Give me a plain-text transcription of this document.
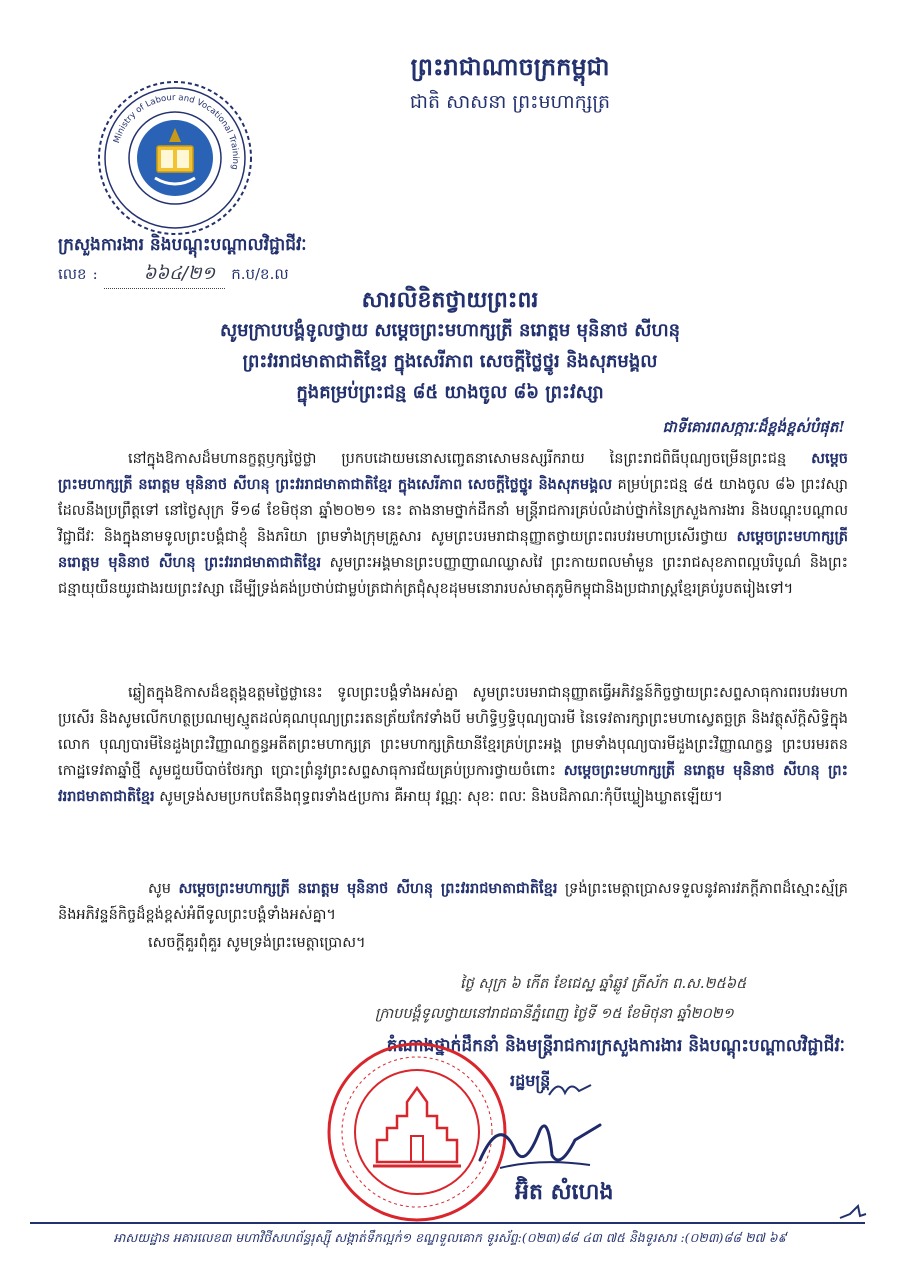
ព្រះរាជាណាចក្រកម្ពុជា
ជាតិ សាសនា ព្រះមហាក្សត្រ
Ministry of Labour and Vocational Training
ក្រសួងការងារ និងបណ្តុះបណ្តាលវិជ្ជាជីវៈ
លេខ :	៦៦៤/២១	ក.ប/ខ.ល
សារលិខិតថ្វាយព្រះពរ
សូមក្រាបបង្គំទូលថ្វាយ សម្តេចព្រះមហាក្សត្រី នរោត្តម មុនិនាថ សីហនុ
ព្រះវររាជមាតាជាតិខ្មែរ ក្នុងសេរីភាព សេចក្តីថ្លៃថ្នូរ និងសុភមង្គល
ក្នុងគម្រប់ព្រះជន្ម ៨៥ យាងចូល ៨៦ ព្រះវស្សា
ជាទីគោរពសក្ការៈដ៏ខ្ពង់ខ្ពស់បំផុត!
នៅក្នុងឱកាសដ៏មហានក្ខត្តឫក្សថ្លៃថ្លា ប្រកបដោយមនោសញ្ចេតនាសោមនស្សរីករាយ នៃព្រះរាជពិធីបុណ្យចម្រើនព្រះជន្ម សម្តេចព្រះមហាក្សត្រី នរោត្តម មុនិនាថ សីហនុ ព្រះវររាជមាតាជាតិខ្មែរ ក្នុងសេរីភាព សេចក្តីថ្លៃថ្នូរ និងសុភមង្គល គម្រប់ព្រះជន្ម ៨៥ យាងចូល ៨៦ ព្រះវស្សា ដែលនឹងប្រព្រឹត្តទៅ នៅថ្ងៃសុក្រ ទី១៨ ខែមិថុនា ឆ្នាំ២០២១ នេះ តាងនាមថ្នាក់ដឹកនាំ មន្ត្រីរាជការគ្រប់លំដាប់ថ្នាក់នៃក្រសួងការងារ និងបណ្តុះបណ្តាលវិជ្ជាជីវៈ និងក្នុងនាមទូលព្រះបង្គំជាខ្ញុំ និងភរិយា ព្រមទាំងក្រុមគ្រួសារ សូមព្រះបរមរាជានុញ្ញាតថ្វាយព្រះពរបវរមហាប្រសើរថ្វាយ សម្តេចព្រះមហាក្សត្រី នរោត្តម មុនិនាថ សីហនុ ព្រះវររាជមាតាជាតិខ្មែរ សូមព្រះអង្គមានព្រះបញ្ញាញាណឈ្លាសវៃ ព្រះកាយពលមាំមួន ព្រះរាជសុខភាពល្អបរិបូណ៌ និងព្រះជន្មាយុយឺនយូរជាងរយព្រះវស្សា ដើម្បីទ្រង់គង់ប្រថាប់ជាម្លប់ត្រជាក់ត្រជុំសុខដុមមនោរារបស់មាតុភូមិកម្ពុជានិងប្រជារាស្ត្រខ្មែរគ្រប់រូបតរៀងទៅ។
ឆ្លៀតក្នុងឱកាសដ៏ឧត្តុង្គឧត្តមថ្លៃថ្លានេះ ទូលព្រះបង្គំទាំងអស់គ្នា សូមព្រះបរមរាជានុញ្ញាតធ្វើអភិវន្ទន៍កិច្ចថ្វាយព្រះសព្ទសាធុការពរបវរមហាប្រសើរ និងសូមលើកហត្ថប្រណម្យស្មូតដល់គុណបុណ្យព្រះរតនត្រ័យកែវទាំងបី មហិទ្ធិឫទ្ធិបុណ្យបារមី នៃទេវតារក្សាព្រះមហាស្វេតច្ឆត្រ និងវត្ថុស័ក្តិសិទ្ធិក្នុងលោក បុណ្យបារមីនៃដួងព្រះវិញ្ញាណក្ខន្ធអតីតព្រះមហាក្សត្រ ព្រះមហាក្សត្រិយានីខ្មែរគ្រប់ព្រះអង្គ ព្រមទាំងបុណ្យបារមីដួងព្រះវិញ្ញាណក្ខន្ធ ព្រះបរមរតនកោដ្ឋទេវតាឆ្នាំថ្មី សូមជួយបីបាច់ថែរក្សា ប្រោះព្រំនូវព្រះសព្ទសាធុការជ័យគ្រប់ប្រការថ្វាយចំពោះ សម្តេចព្រះមហាក្សត្រី នរោត្តម មុនិនាថ សីហនុ ព្រះវររាជមាតាជាតិខ្មែរ សូមទ្រង់សមប្រកបតែនឹងពុទ្ធពរទាំង៥ប្រការ គឺអាយុ វណ្ណៈ សុខៈ ពលៈ និងបដិភាណៈកុំបីឃ្លៀងឃ្លាតឡើយ។
សូម សម្តេចព្រះមហាក្សត្រី នរោត្តម មុនិនាថ សីហនុ ព្រះវររាជមាតាជាតិខ្មែរ ទ្រង់ព្រះមេត្តាប្រោសទទួលនូវគារវភក្តីភាពដ៏ស្មោះស្ម័គ្រ និងអភិវន្ទន៍កិច្ចដ៏ខ្ពង់ខ្ពស់អំពីទូលព្រះបង្គំទាំងអស់គ្នា។
សេចក្តីគួរពុំគួរ សូមទ្រង់ព្រះមេត្តាប្រោស។
ថ្ងៃ សុក្រ ៦ កើត ខែជេស្ឋ ឆ្នាំឆ្លូវ ត្រីស័ក ព.ស.២៥៦៥
ក្រាបបង្គំទូលថ្វាយនៅរាជធានីភ្នំពេញ ថ្ងៃទី ១៥ ខែមិថុនា ឆ្នាំ២០២១
តំណាងថ្នាក់ដឹកនាំ និងមន្ត្រីរាជការក្រសួងការងារ និងបណ្តុះបណ្តាលវិជ្ជាជីវៈ
រដ្ឋមន្ត្រី
អ៊ិត សំហេង
អាសយដ្ឋាន អគារលេខ៣ មហាវិថីសហព័ន្ធរុស្ស៊ី សង្កាត់ទឹកល្អក់១ ខណ្ឌទួលគោក ទូរស័ព្ទ:(០២៣)៨៨ ៤៣ ៧៥ និងទូរសារ :(០២៣)៨៨ ២៧ ៦៩
